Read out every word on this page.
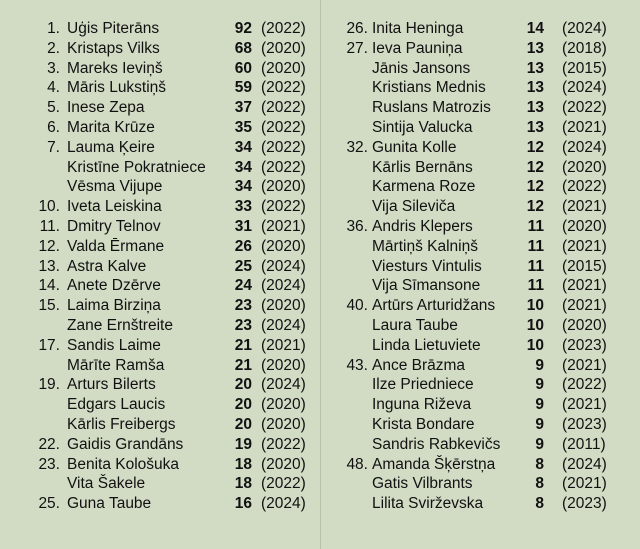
1. Uģis Piterāns	92 (2022)
2. Kristaps Vilks	68 (2020)
3. Mareks Ieviņš	60 (2020)
4. Māris Lukstiņš	59 (2022)
5. Inese Zepa	37 (2022)
6. Marita Krūze	35 (2022)
7. Lauma Ķeire	34 (2022)
Kristīne Pokratniece	34 (2022)
Vēsma Vijupe	34 (2020)
10. Iveta Leiskina	33 (2022)
11. Dmitry Telnov	31 (2021)
12. Valda Ērmane	26 (2020)
13. Astra Kalve	25 (2024)
14. Anete Dzērve	24 (2024)
15. Laima Birziņa	23 (2020)
Zane Ernštreite	23 (2024)
17. Sandis Laime	21 (2021)
Mārīte Ramša	21 (2020)
19. Arturs Bilerts	20 (2024)
Edgars Laucis	20 (2020)
Kārlis Freibergs	20 (2020)
22. Gaidis Grandāns	19 (2022)
23. Benita Kološuka	18 (2020)
Vita Šakele	18 (2022)
25. Guna Taube	16 (2024)
26. Inita Heninga	14 (2024)
27. Ieva Pauniņa	13 (2018)
Jānis Jansons	13 (2015)
Kristians Mednis	13 (2024)
Ruslans Matrozis	13 (2022)
Sintija Valucka	13 (2021)
32. Gunita Kolle	12 (2024)
Kārlis Bernāns	12 (2020)
Karmena Roze	12 (2022)
Vija Sileviča	12 (2021)
36. Andris Klepers	11 (2020)
Mārtiņš Kalniņš	11 (2021)
Viesturs Vintulis	11 (2015)
Vija Sīmansone	11 (2021)
40. Artūrs Arturidžans	10 (2021)
Laura Taube	10 (2020)
Linda Lietuviete	10 (2023)
43. Ance Brāzma	9 (2021)
Ilze Priedniece	9 (2022)
Inguna Riževa	9 (2021)
Krista Bondare	9 (2023)
Sandris Rabkevičs	9 (2011)
48. Amanda Šķērstņa	8 (2024)
Gatis Vilbrants	8 (2021)
Lilita Svirževska	8 (2023)
